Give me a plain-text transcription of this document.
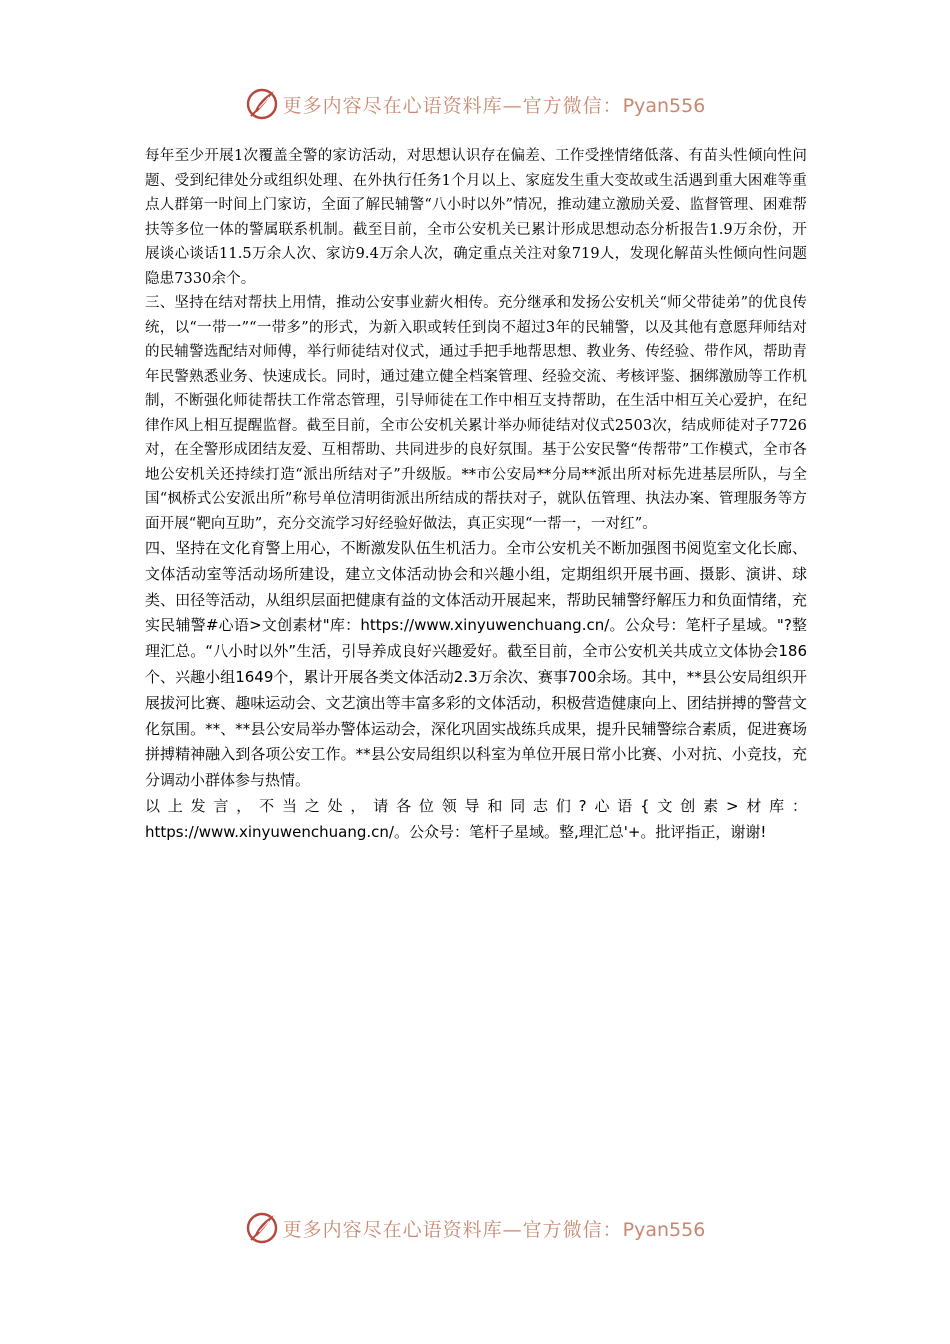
更多内容尽在心语资料库—官方微信：Pyan556

每年至少开展1次覆盖全警的家访活动，对思想认识存在偏差、工作受挫情绪低落、有苗头性倾向性问题、受到纪律处分或组织处理、在外执行任务1个月以上、家庭发生重大变故或生活遇到重大困难等重点人群第一时间上门家访，全面了解民辅警“八小时以外”情况，推动建立激励关爱、监督管理、困难帮扶等多位一体的警属联系机制。截至目前，全市公安机关已累计形成思想动态分析报告1.9万余份，开展谈心谈话11.5万余人次、家访9.4万余人次，确定重点关注对象719人，发现化解苗头性倾向性问题隐患7330余个。

三、坚持在结对帮扶上用情，推动公安事业薪火相传。充分继承和发扬公安机关“师父带徒弟”的优良传统，以“一带一”“一带多”的形式，为新入职或转任到岗不超过3年的民辅警，以及其他有意愿拜师结对的民辅警选配结对师傅，举行师徒结对仪式，通过手把手地帮思想、教业务、传经验、带作风，帮助青年民警熟悉业务、快速成长。同时，通过建立健全档案管理、经验交流、考核评鉴、捆绑激励等工作机制，不断强化师徒帮扶工作常态管理，引导师徒在工作中相互支持帮助，在生活中相互关心爱护，在纪律作风上相互提醒监督。截至目前，全市公安机关累计举办师徒结对仪式2503次，结成师徒对子7726对，在全警形成团结友爱、互相帮助、共同进步的良好氛围。基于公安民警“传帮带”工作模式，全市各地公安机关还持续打造“派出所结对子”升级版。**市公安局**分局**派出所对标先进基层所队，与全国“枫桥式公安派出所”称号单位清明街派出所结成的帮扶对子，就队伍管理、执法办案、管理服务等方面开展“靶向互助”，充分交流学习好经验好做法，真正实现“一帮一，一对红”。

四、坚持在文化育警上用心，不断激发队伍生机活力。全市公安机关不断加强图书阅览室文化长廊、文体活动室等活动场所建设，建立文体活动协会和兴趣小组，定期组织开展书画、摄影、演讲、球类、田径等活动，从组织层面把健康有益的文体活动开展起来，帮助民辅警纾解压力和负面情绪，充实民辅警#心语>文创素材"库：https://www.xinyuwenchuang.cn/。公众号：笔杆子星域。"?整理汇总。“八小时以外”生活，引导养成良好兴趣爱好。截至目前，全市公安机关共成立文体协会186个、兴趣小组1649个，累计开展各类文体活动2.3万余次、赛事700余场。其中，**县公安局组织开展拔河比赛、趣味运动会、文艺演出等丰富多彩的文体活动，积极营造健康向上、团结拼搏的警营文化氛围。**、**县公安局举办警体运动会，深化巩固实战练兵成果，提升民辅警综合素质，促进赛场拼搏精神融入到各项公安工作。**县公安局组织以科室为单位开展日常小比赛、小对抗、小竞技，充分调动小群体参与热情。

以上发言，不当之处，请各位领导和同志们?心语{文创素>材库：https://www.xinyuwenchuang.cn/。公众号：笔杆子星域。整,理汇总'+。批评指正，谢谢!

更多内容尽在心语资料库—官方微信：Pyan556
